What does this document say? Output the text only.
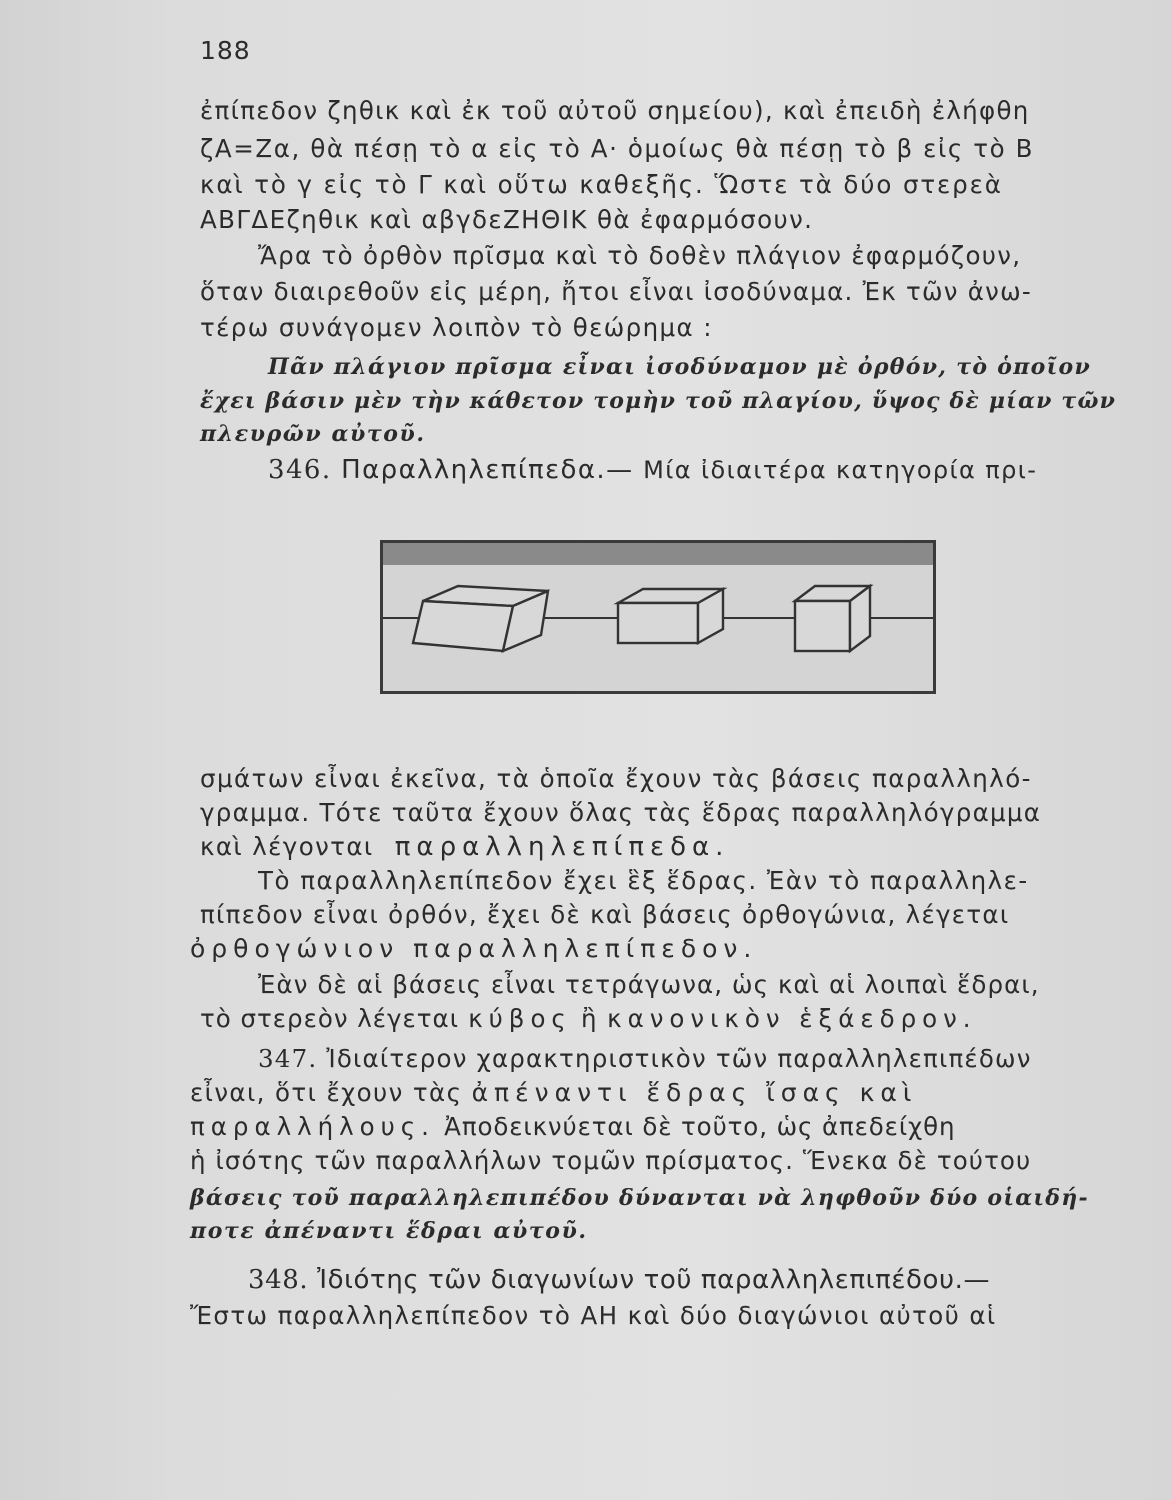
188
ἐπίπεδον ζηθικ καὶ ἐκ τοῦ αὐτοῦ σημείου), καὶ ἐπειδὴ ἐλήφθη
ζΑ=Ζα, θὰ πέσῃ τὸ α εἰς τὸ Α· ὁμοίως θὰ πέσῃ τὸ β εἰς τὸ Β
καὶ τὸ γ εἰς τὸ Γ καὶ οὕτω καθεξῆς. Ὥστε τὰ δύο στερεὰ
ΑΒΓΔΕζηθικ καὶ αβγδεΖΗΘΙΚ θὰ ἐφαρμόσουν.
Ἄρα τὸ ὀρθὸν πρῖσμα καὶ τὸ δοθὲν πλάγιον ἐφαρμόζουν,
ὅταν διαιρεθοῦν εἰς μέρη, ἤτοι εἶναι ἰσοδύναμα. Ἐκ τῶν ἀνω-
τέρω συνάγομεν λοιπὸν τὸ θεώρημα :
Πᾶν πλάγιον πρῖσμα εἶναι ἰσοδύναμον μὲ ὀρθόν, τὸ ὁποῖον
ἔχει βάσιν μὲν τὴν κάθετον τομὴν τοῦ πλαγίου, ὕψος δὲ μίαν τῶν
πλευρῶν αὐτοῦ.
346. Παραλληλεπίπεδα.— Μία ἰδιαιτέρα κατηγορία πρι-
σμάτων εἶναι ἐκεῖνα, τὰ ὁποῖα ἔχουν τὰς βάσεις παραλληλό-
γραμμα. Τότε ταῦτα ἔχουν ὅλας τὰς ἕδρας παραλληλόγραμμα
καὶ λέγονται παραλληλεπίπεδα.
Τὸ παραλληλεπίπεδον ἔχει ἓξ ἕδρας. Ἐὰν τὸ παραλληλε-
πίπεδον εἶναι ὀρθόν, ἔχει δὲ καὶ βάσεις ὀρθογώνια, λέγεται
ὀρθογώνιον παραλληλεπίπεδον.
Ἐὰν δὲ αἱ βάσεις εἶναι τετράγωνα, ὡς καὶ αἱ λοιπαὶ ἕδραι,
τὸ στερεὸν λέγεται κύβος ἢ κανονικὸν ἑξάεδρον.
347. Ἰδιαίτερον χαρακτηριστικὸν τῶν παραλληλεπιπέδων
εἶναι, ὅτι ἔχουν τὰς ἀπέναντι ἕδρας ἴσας καὶ
παραλλήλους. Ἀποδεικνύεται δὲ τοῦτο, ὡς ἀπεδείχθη
ἡ ἰσότης τῶν παραλλήλων τομῶν πρίσματος. Ἕνεκα δὲ τούτου
βάσεις τοῦ παραλληλεπιπέδου δύνανται νὰ ληφθοῦν δύο οἱαιδή-
ποτε ἀπέναντι ἕδραι αὐτοῦ.
348. Ἰδιότης τῶν διαγωνίων τοῦ παραλληλεπιπέδου.—
Ἔστω παραλληλεπίπεδον τὸ ΑΗ καὶ δύο διαγώνιοι αὐτοῦ αἱ
